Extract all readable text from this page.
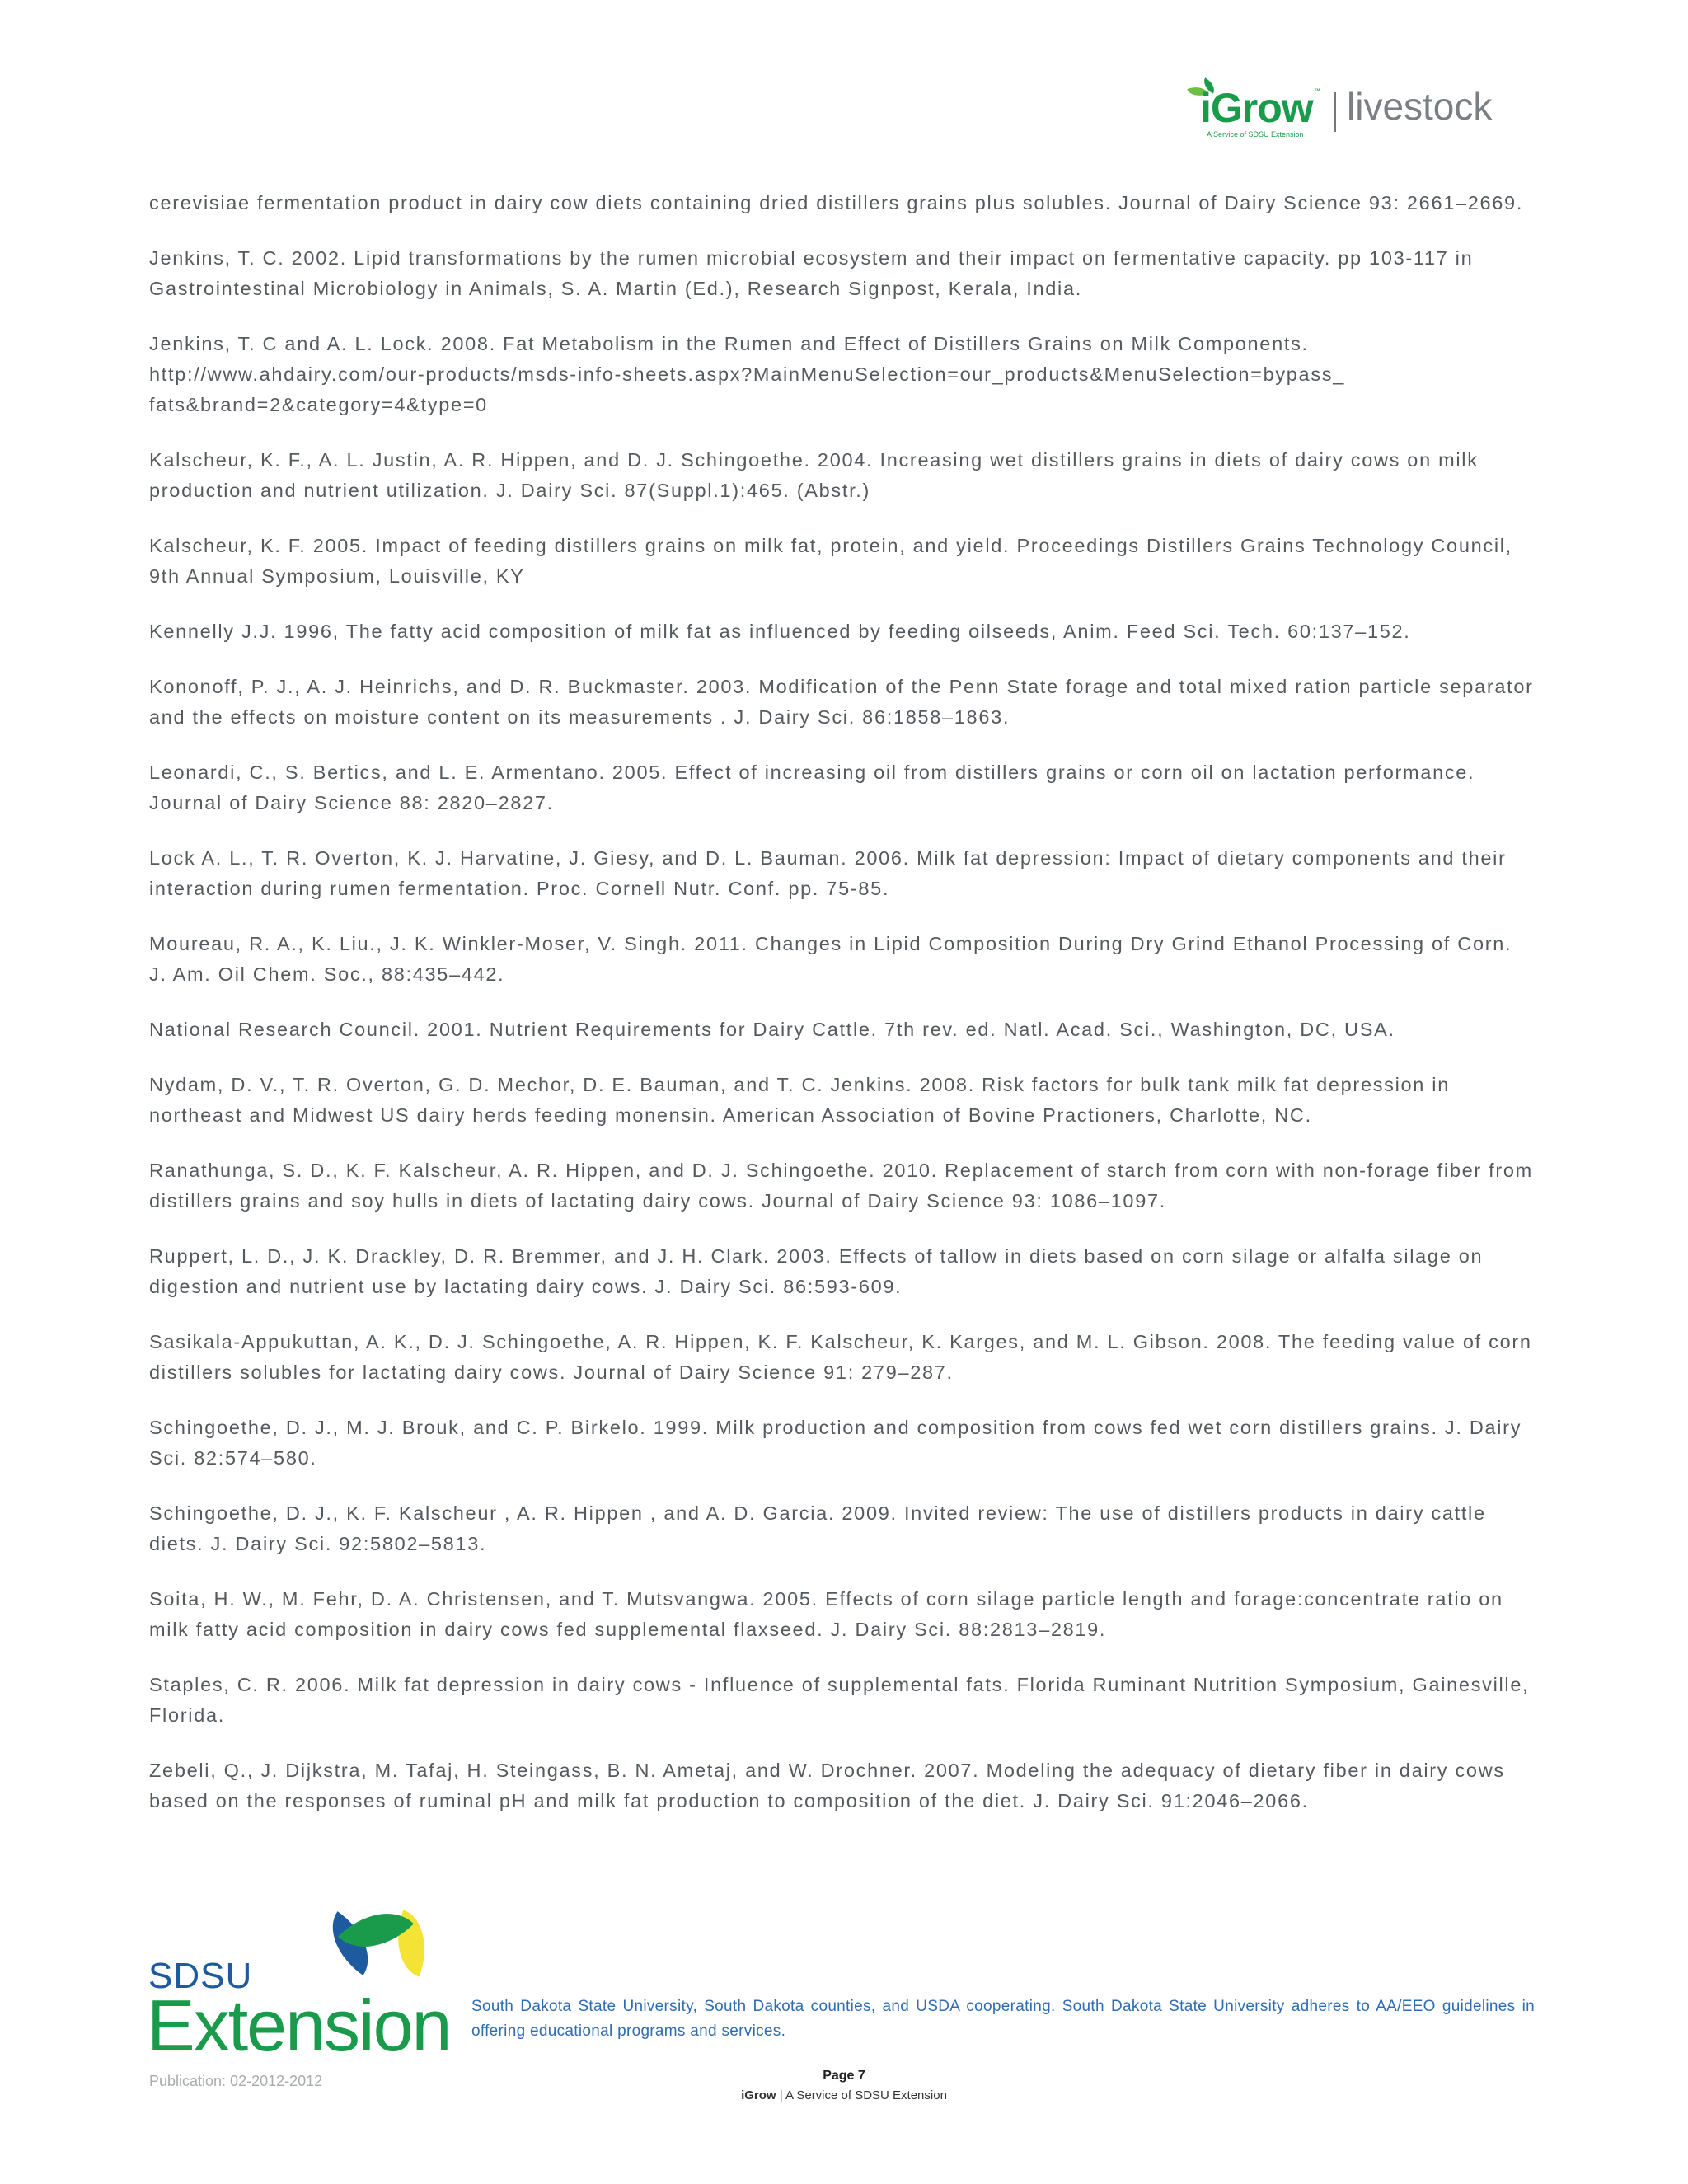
iGrow ™
A Service of SDSU Extension
livestock

cerevisiae fermentation product in dairy cow diets containing dried distillers grains plus solubles. Journal of Dairy Science 93: 2661–2669.

Jenkins, T. C. 2002. Lipid transformations by the rumen microbial ecosystem and their impact on fermentative capacity. pp 103-117 in Gastrointestinal Microbiology in Animals, S. A. Martin (Ed.), Research Signpost, Kerala, India.

Jenkins, T. C and A. L. Lock. 2008. Fat Metabolism in the Rumen and Effect of Distillers Grains on Milk Components. http://www.ahdairy.com/our-products/msds-info-sheets.aspx?MainMenuSelection=our_products&MenuSelection=bypass_ fats&brand=2&category=4&type=0

Kalscheur, K. F., A. L. Justin, A. R. Hippen, and D. J. Schingoethe. 2004. Increasing wet distillers grains in diets of dairy cows on milk production and nutrient utilization. J. Dairy Sci. 87(Suppl.1):465. (Abstr.)

Kalscheur, K. F. 2005. Impact of feeding distillers grains on milk fat, protein, and yield. Proceedings Distillers Grains Technology Council, 9th Annual Symposium, Louisville, KY

Kennelly J.J. 1996, The fatty acid composition of milk fat as influenced by feeding oilseeds, Anim. Feed Sci. Tech. 60:137–152.

Kononoff, P. J., A. J. Heinrichs, and D. R. Buckmaster. 2003. Modification of the Penn State forage and total mixed ration particle separator and the effects on moisture content on its measurements . J. Dairy Sci. 86:1858–1863.

Leonardi, C., S. Bertics, and L. E. Armentano. 2005. Effect of increasing oil from distillers grains or corn oil on lactation performance. Journal of Dairy Science 88: 2820–2827.

Lock A. L., T. R. Overton, K. J. Harvatine, J. Giesy, and D. L. Bauman. 2006. Milk fat depression: Impact of dietary components and their interaction during rumen fermentation. Proc. Cornell Nutr. Conf. pp. 75-85.

Moureau, R. A., K. Liu., J. K. Winkler-Moser, V. Singh. 2011. Changes in Lipid Composition During Dry Grind Ethanol Processing of Corn. J. Am. Oil Chem. Soc., 88:435–442.

National Research Council. 2001. Nutrient Requirements for Dairy Cattle. 7th rev. ed. Natl. Acad. Sci., Washington, DC, USA.

Nydam, D. V., T. R. Overton, G. D. Mechor, D. E. Bauman, and T. C. Jenkins. 2008. Risk factors for bulk tank milk fat depression in northeast and Midwest US dairy herds feeding monensin. American Association of Bovine Practioners, Charlotte, NC.

Ranathunga, S. D., K. F. Kalscheur, A. R. Hippen, and D. J. Schingoethe. 2010. Replacement of starch from corn with non-forage fiber from distillers grains and soy hulls in diets of lactating dairy cows. Journal of Dairy Science 93: 1086–1097.

Ruppert, L. D., J. K. Drackley, D. R. Bremmer, and J. H. Clark. 2003. Effects of tallow in diets based on corn silage or alfalfa silage on digestion and nutrient use by lactating dairy cows. J. Dairy Sci. 86:593-609.

Sasikala-Appukuttan, A. K., D. J. Schingoethe, A. R. Hippen, K. F. Kalscheur, K. Karges, and M. L. Gibson. 2008. The feeding value of corn distillers solubles for lactating dairy cows. Journal of Dairy Science 91: 279–287.

Schingoethe, D. J., M. J. Brouk, and C. P. Birkelo. 1999. Milk production and composition from cows fed wet corn distillers grains. J. Dairy Sci. 82:574–580.

Schingoethe, D. J., K. F. Kalscheur , A. R. Hippen , and A. D. Garcia. 2009. Invited review: The use of distillers products in dairy cattle diets. J. Dairy Sci. 92:5802–5813.

Soita, H. W., M. Fehr, D. A. Christensen, and T. Mutsvangwa. 2005. Effects of corn silage particle length and forage:concentrate ratio on milk fatty acid composition in dairy cows fed supplemental flaxseed. J. Dairy Sci. 88:2813–2819.

Staples, C. R. 2006. Milk fat depression in dairy cows - Influence of supplemental fats. Florida Ruminant Nutrition Symposium, Gainesville, Florida.

Zebeli, Q., J. Dijkstra, M. Tafaj, H. Steingass, B. N. Ametaj, and W. Drochner. 2007. Modeling the adequacy of dietary fiber in dairy cows based on the responses of ruminal pH and milk fat production to composition of the diet. J. Dairy Sci. 91:2046–2066.

SDSU
Extension South Dakota State University, South Dakota counties, and USDA cooperating. South Dakota State University adheres to AA/EEO guidelines in offering educational programs and services.
Publication: 02-2012-2012	Page 7
iGrow | A Service of SDSU Extension
